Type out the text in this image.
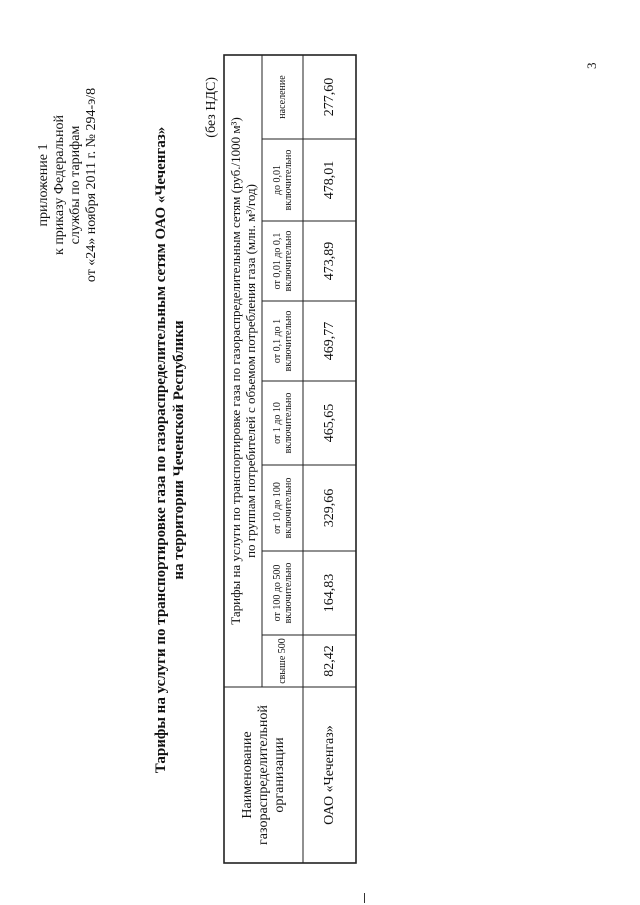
приложение 1 к приказу Федеральной службы по тарифам от «24» ноября 2011 г. № 294-э/8	Тарифы на услуги по транспортировке газа по газораспределительным сетям ОАО «Чеченгаз» на территории Чеченской Республики
(без НДС)
3
Наименование газораспределительной организации
Тарифы на услуги по транспортировке газа по газораспределительным сетям (руб./1000 м³) по группам потребителей с объемом потребления газа (млн. м³/год)
свыше 500
от 100 до 500 включительно
от 10 до 100 включительно
от 1 до 10 включительно
от 0,1 до 1 включительно
от 0,01 до 0,1 включительно
до 0,01 включительно
население
ОАО «Чеченгаз»
82,42
164,83
329,66
465,65
469,77
473,89
478,01
277,60
